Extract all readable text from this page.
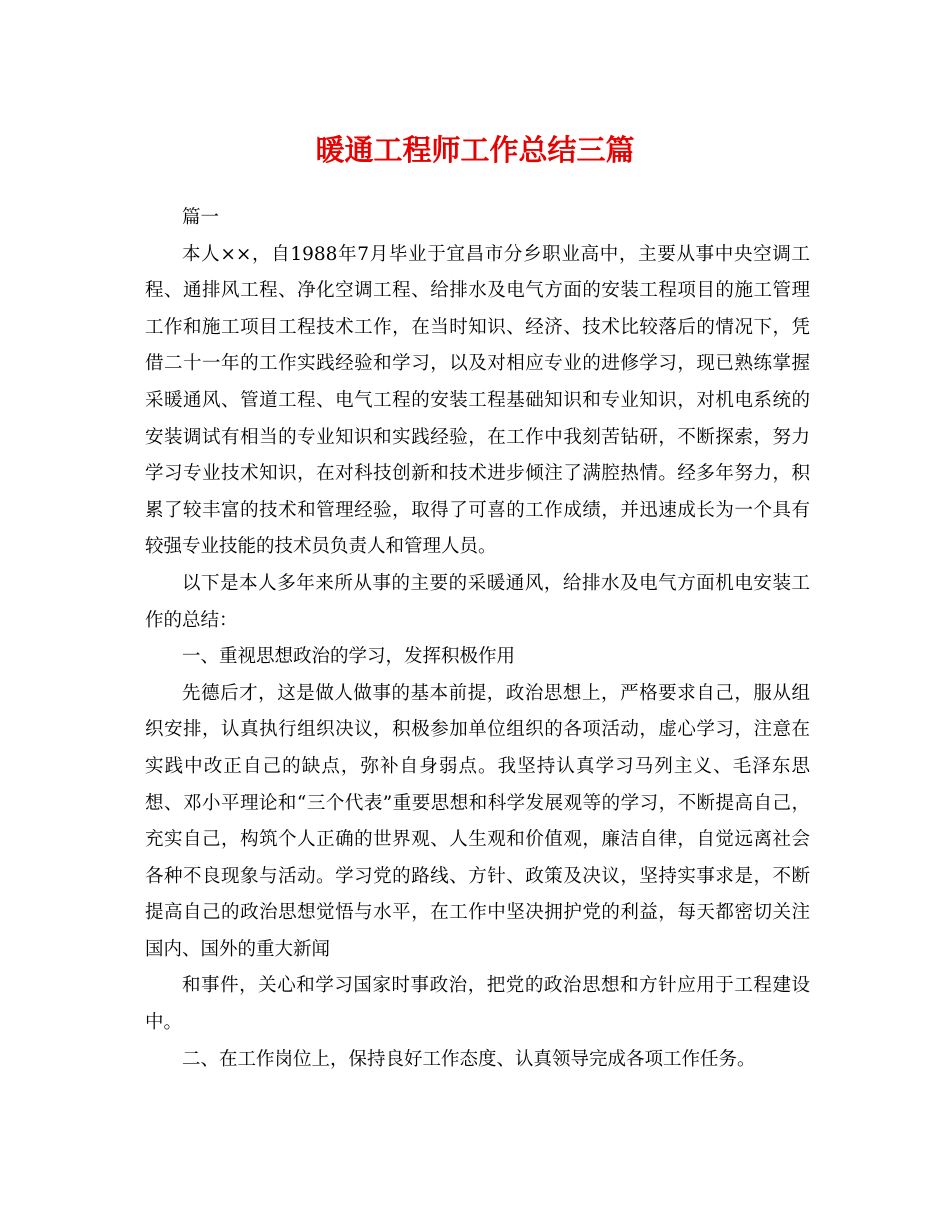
暖通工程师工作总结三篇

篇一

本人××，自1988年7月毕业于宜昌市分乡职业高中，主要从事中央空调工程、通排风工程、净化空调工程、给排水及电气方面的安装工程项目的施工管理工作和施工项目工程技术工作，在当时知识、经济、技术比较落后的情况下，凭借二十一年的工作实践经验和学习，以及对相应专业的进修学习，现已熟练掌握采暖通风、管道工程、电气工程的安装工程基础知识和专业知识，对机电系统的安装调试有相当的专业知识和实践经验，在工作中我刻苦钻研，不断探索，努力学习专业技术知识，在对科技创新和技术进步倾注了满腔热情。经多年努力，积累了较丰富的技术和管理经验，取得了可喜的工作成绩，并迅速成长为一个具有较强专业技能的技术员负责人和管理人员。

以下是本人多年来所从事的主要的采暖通风，给排水及电气方面机电安装工作的总结：

一、重视思想政治的学习，发挥积极作用

先德后才，这是做人做事的基本前提，政治思想上，严格要求自己，服从组织安排，认真执行组织决议，积极参加单位组织的各项活动，虚心学习，注意在实践中改正自己的缺点，弥补自身弱点。我坚持认真学习马列主义、毛泽东思想、邓小平理论和“三个代表”重要思想和科学发展观等的学习，不断提高自己，充实自己，构筑个人正确的世界观、人生观和价值观，廉洁自律，自觉远离社会各种不良现象与活动。学习党的路线、方针、政策及决议，坚持实事求是，不断提高自己的政治思想觉悟与水平，在工作中坚决拥护党的利益，每天都密切关注国内、国外的重大新闻

和事件，关心和学习国家时事政治，把党的政治思想和方针应用于工程建设中。

二、在工作岗位上，保持良好工作态度、认真领导完成各项工作任务。
